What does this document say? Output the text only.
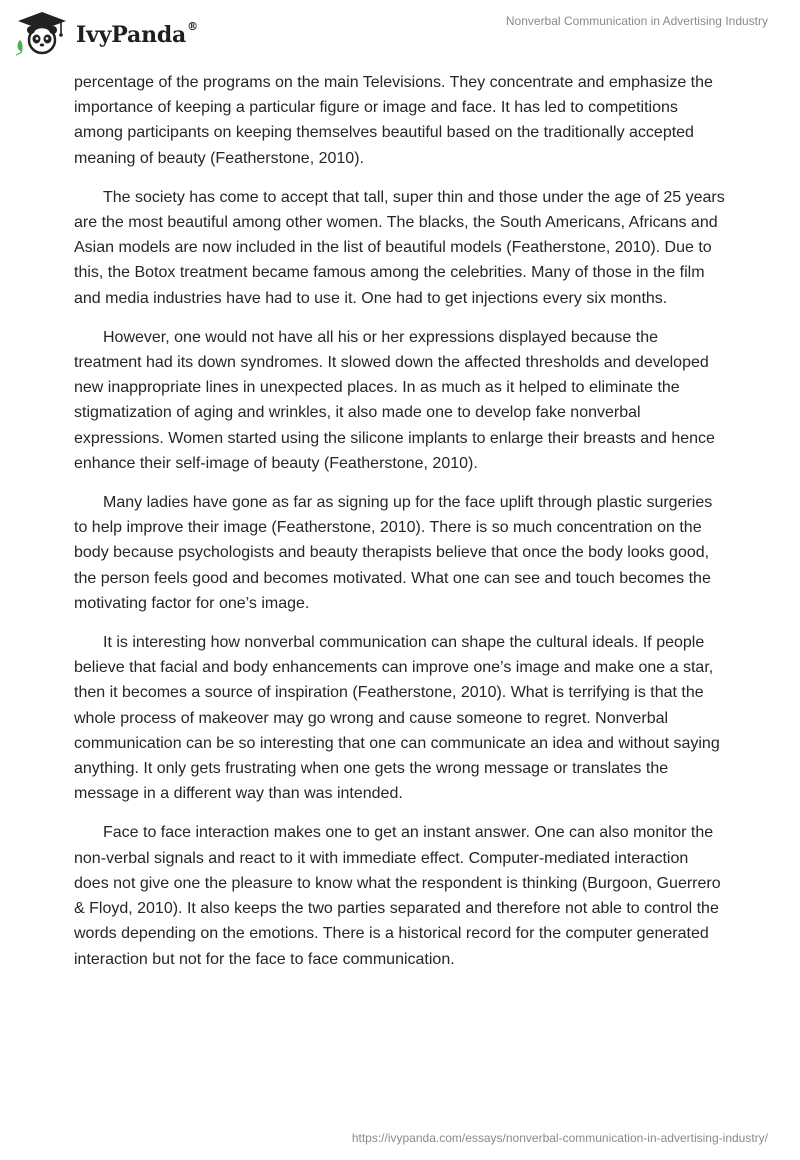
IvyPanda®	Nonverbal Communication in Advertising Industry

percentage of the programs on the main Televisions. They concentrate and emphasize the importance of keeping a particular figure or image and face. It has led to competitions among participants on keeping themselves beautiful based on the traditionally accepted meaning of beauty (Featherstone, 2010).

The society has come to accept that tall, super thin and those under the age of 25 years are the most beautiful among other women. The blacks, the South Americans, Africans and Asian models are now included in the list of beautiful models (Featherstone, 2010). Due to this, the Botox treatment became famous among the celebrities. Many of those in the film and media industries have had to use it. One had to get injections every six months.

However, one would not have all his or her expressions displayed because the treatment had its down syndromes. It slowed down the affected thresholds and developed new inappropriate lines in unexpected places. In as much as it helped to eliminate the stigmatization of aging and wrinkles, it also made one to develop fake nonverbal expressions. Women started using the silicone implants to enlarge their breasts and hence enhance their self-image of beauty (Featherstone, 2010).

Many ladies have gone as far as signing up for the face uplift through plastic surgeries to help improve their image (Featherstone, 2010). There is so much concentration on the body because psychologists and beauty therapists believe that once the body looks good, the person feels good and becomes motivated. What one can see and touch becomes the motivating factor for one’s image.

It is interesting how nonverbal communication can shape the cultural ideals. If people believe that facial and body enhancements can improve one’s image and make one a star, then it becomes a source of inspiration (Featherstone, 2010). What is terrifying is that the whole process of makeover may go wrong and cause someone to regret. Nonverbal communication can be so interesting that one can communicate an idea and without saying anything. It only gets frustrating when one gets the wrong message or translates the message in a different way than was intended.

Face to face interaction makes one to get an instant answer. One can also monitor the non-verbal signals and react to it with immediate effect. Computer-mediated interaction does not give one the pleasure to know what the respondent is thinking (Burgoon, Guerrero & Floyd, 2010). It also keeps the two parties separated and therefore not able to control the words depending on the emotions. There is a historical record for the computer generated interaction but not for the face to face communication.

https://ivypanda.com/essays/nonverbal-communication-in-advertising-industry/
